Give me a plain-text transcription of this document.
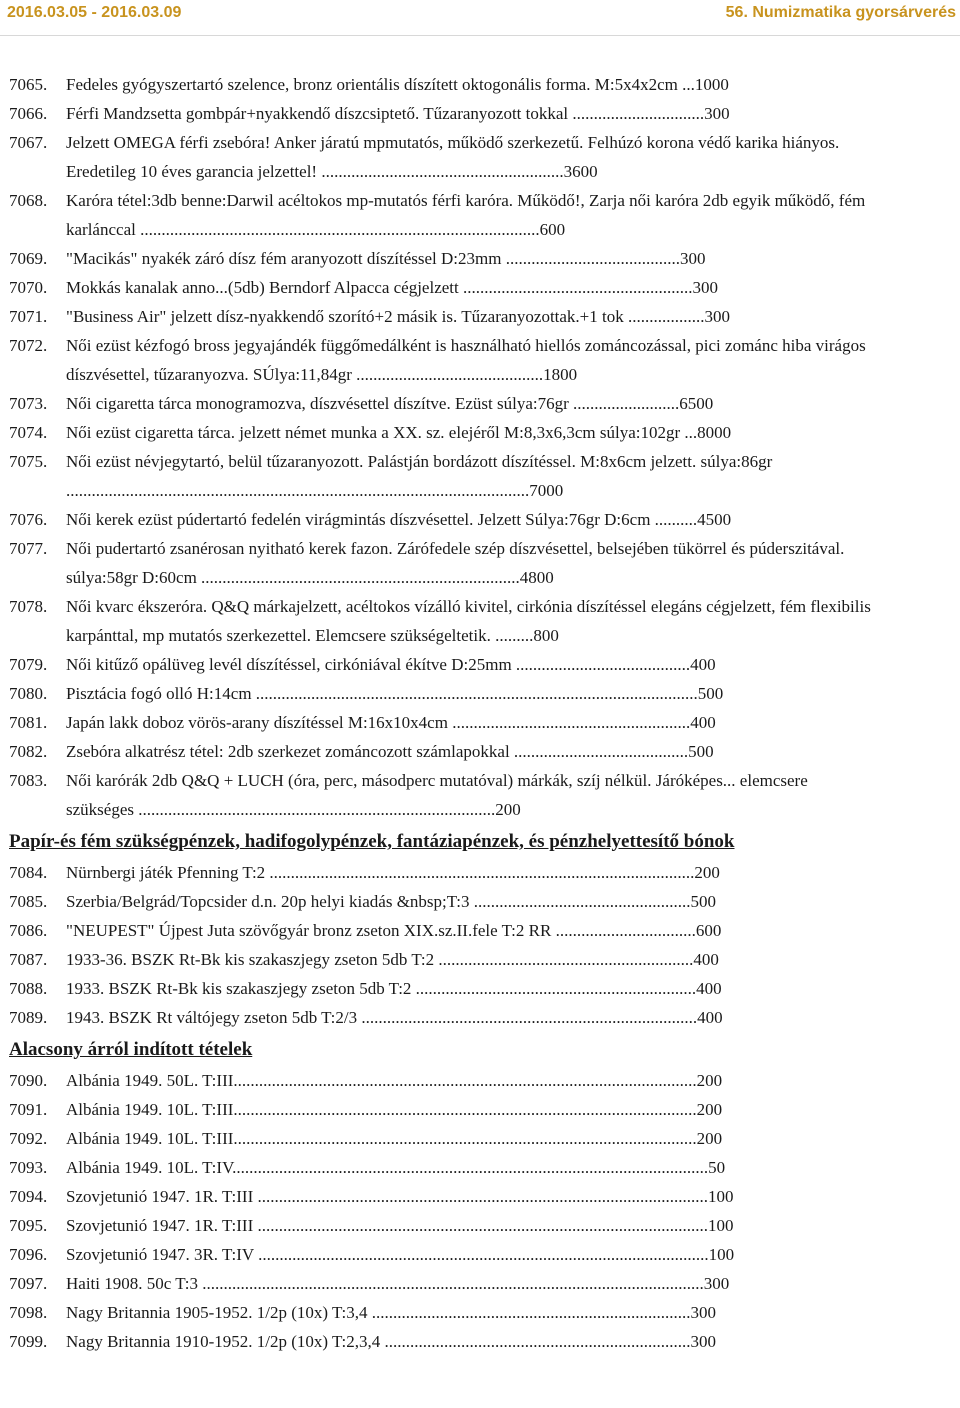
2016.03.05 - 2016.03.09	56. Numizmatika gyorsárverés
7065. Fedeles gyógyszertartó szelence, bronz orientális díszített oktogonális forma. M:5x4x2cm ...1000
7066. Férfi Mandzsetta gombpár+nyakkendő díszcsiptető. Tűzaranyozott tokkal ...............................300
7067. Jelzett OMEGA férfi zsebóra! Anker járatú mpmutatós, működő szerkezetű. Felhúzó korona védő karika hiányos. Eredetileg 10 éves garancia jelzettel! .........................................................3600
7068. Karóra tétel:3db benne:Darwil acéltokos mp-mutatós férfi karóra. Működő!, Zarja női karóra 2db egyik működő, fém karlánccal ..............................................................................................600
7069. "Macikás" nyakék záró dísz fém aranyozott díszítéssel D:23mm .........................................300
7070. Mokkás kanalak anno...(5db) Berndorf Alpacca cégjelzett ......................................................300
7071. "Business Air" jelzett dísz-nyakkendő szorító+2 másik is. Tűzaranyozottak.+1 tok ..................300
7072. Női ezüst kézfogó bross jegyajándék függőmedálként is használható hiellós zománcozással, pici zománc hiba virágos díszvésettel, tűzaranyozva. SÚlya:11,84gr ............................................1800
7073. Női cigaretta tárca monogramozva, díszvésettel díszítve. Ezüst súlya:76gr .........................6500
7074. Női ezüst cigaretta tárca. jelzett német munka a XX. sz. elejéről M:8,3x6,3cm súlya:102gr ...8000
7075. Női ezüst névjegytartó, belül tűzaranyozott. Palástján bordázott díszítéssel. M:8x6cm jelzett. súlya:86gr .............................................................................................................7000
7076. Női kerek ezüst púdertartó fedelén virágmintás díszvésettel. Jelzett Súlya:76gr D:6cm ..........4500
7077. Női pudertartó zsanérosan nyitható kerek fazon. Zárófedele szép díszvésettel, belsejében tükörrel és púderszitával. súlya:58gr D:60cm ...........................................................................4800
7078. Női kvarc ékszeróra. Q&Q márkajelzett, acéltokos vízálló kivitel, cirkónia díszítéssel elegáns cégjelzett, fém flexibilis karpánttal, mp mutatós szerkezettel. Elemcsere szükségeltetik. .........800
7079. Női kitűző opálüveg levél díszítéssel, cirkóniával ékítve D:25mm .........................................400
7080. Pisztácia fogó olló H:14cm ........................................................................................................500
7081. Japán lakk doboz vörös-arany díszítéssel M:16x10x4cm ........................................................400
7082. Zsebóra alkatrész tétel: 2db szerkezet zománcozott számlapokkal .........................................500
7083. Női karórák 2db Q&Q + LUCH (óra, perc, másodperc mutatóval) márkák, szíj nélkül. Járóképes... elemcsere szükséges ....................................................................................200
Papír-és fém szükségpénzek, hadifogolypénzek, fantáziapénzek, és pénzhelyettesítő bónok
7084. Nürnbergi játék Pfenning T:2 ....................................................................................................200
7085. Szerbia/Belgrád/Topcsider d.n. 20p helyi kiadás &nbsp;T:3 ...................................................500
7086. "NEUPEST" Újpest Juta szövőgyár bronz zseton XIX.sz.II.fele T:2 RR .................................600
7087. 1933-36. BSZK Rt-Bk kis szakaszjegy zseton 5db T:2 ............................................................400
7088. 1933. BSZK Rt-Bk kis szakaszjegy zseton 5db T:2 ..................................................................400
7089. 1943. BSZK Rt váltójegy zseton 5db T:2/3 ...............................................................................400
Alacsony árról indított tételek
7090. Albánia 1949. 50L. T:III.............................................................................................................200
7091. Albánia 1949. 10L. T:III.............................................................................................................200
7092. Albánia 1949. 10L. T:III.............................................................................................................200
7093. Albánia 1949. 10L. T:IV................................................................................................................50
7094. Szovjetunió 1947. 1R. T:III ..........................................................................................................100
7095. Szovjetunió 1947. 1R. T:III ..........................................................................................................100
7096. Szovjetunió 1947. 3R. T:IV ..........................................................................................................100
7097. Haiti 1908. 50c T:3 ......................................................................................................................300
7098. Nagy Britannia 1905-1952. 1/2p (10x) T:3,4 ...........................................................................300
7099. Nagy Britannia 1910-1952. 1/2p (10x) T:2,3,4 ........................................................................300
